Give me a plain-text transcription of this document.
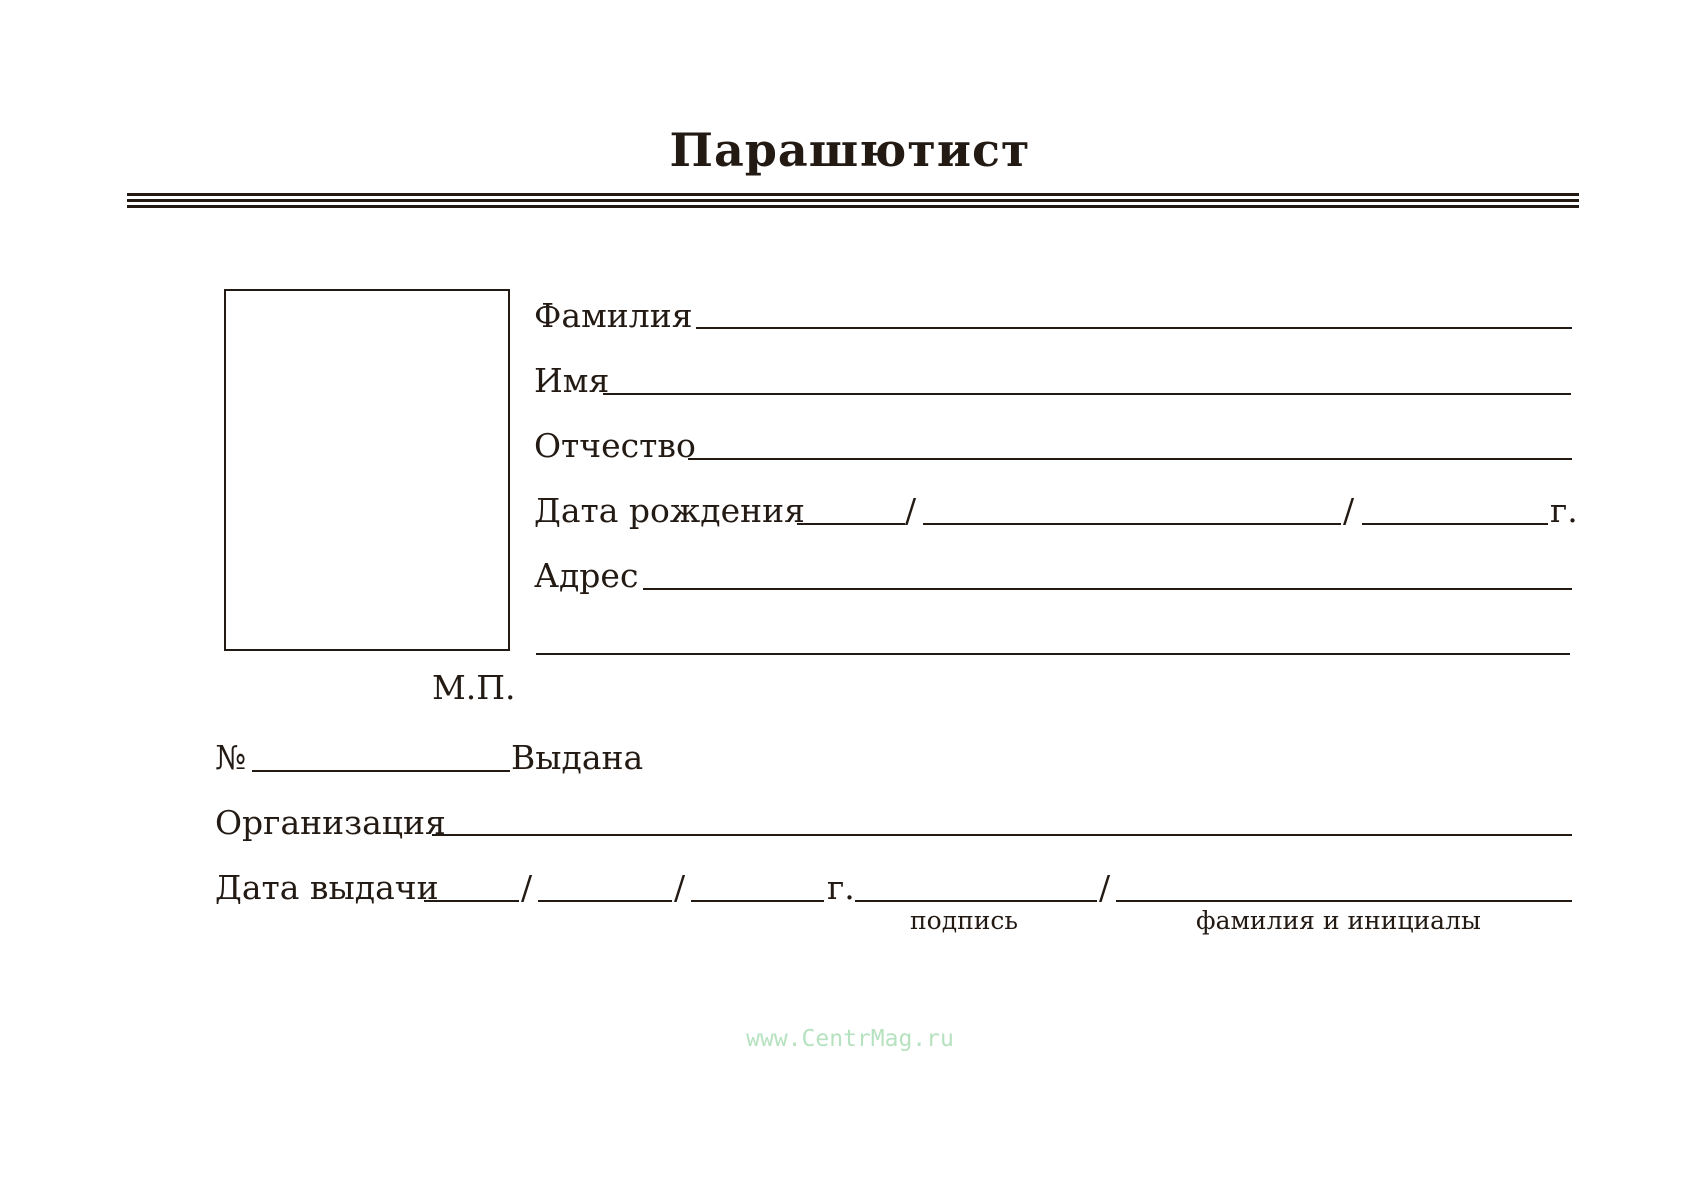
Парашютист
М.П.
Фамилия
Имя
Отчество
Дата рождения	/	/	г.
Адрес
№	Выдана
Организация
Дата выдачи /	/	г.	/
подпись	фамилия и инициалы
www.CentrMag.ru
